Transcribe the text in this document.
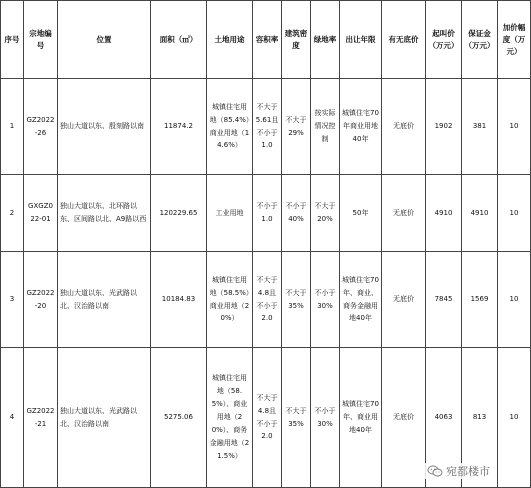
序号	宗地编号	位置	面积（㎡）	土地用途	容积率	建筑密度	绿地率	出让年限	有无底价	起叫价（万元）	保证金（万元）	加价幅度（万元）
1	GZ2022-26	独山大道以东、殷刻路以南	11874.2	城镇住宅用地（85.4%）商业用地（14.6%）	不大于5.61且不小于1.0	不大于29%	按实际情况控制	城镇住宅70年商业用地40年	无底价	1902	381	10
2	GXGZ022-01	独山大道以东、北环路以东、区间路以北、A9路以西	120229.65	工业用地	不小于1.0	不小于40%	不大于20%	50年	无底价	4910	4910	10
3	GZ2022-20	独山大道以东、光武路以北、汉治路以南	10184.83	城镇住宅用地（58.5%）商业用地（20%）	不大于4.8且不小于2.0	不大于35%	不小于30%	城镇住宅70年、商业、商务金融用地40年	无底价	7845	1569	10
4	GZ2022-21	独山大道以东、光武路以北、汉治路以南	5275.06	城镇住宅用地（58.5%）、商业用地（20%）、商务金融用地（21.5%）	不大于4.8且不小于2.0	不大于35%	不小于30%	城镇住宅70年、商业用地40年	无底价	4063	813	10
宛都楼市
